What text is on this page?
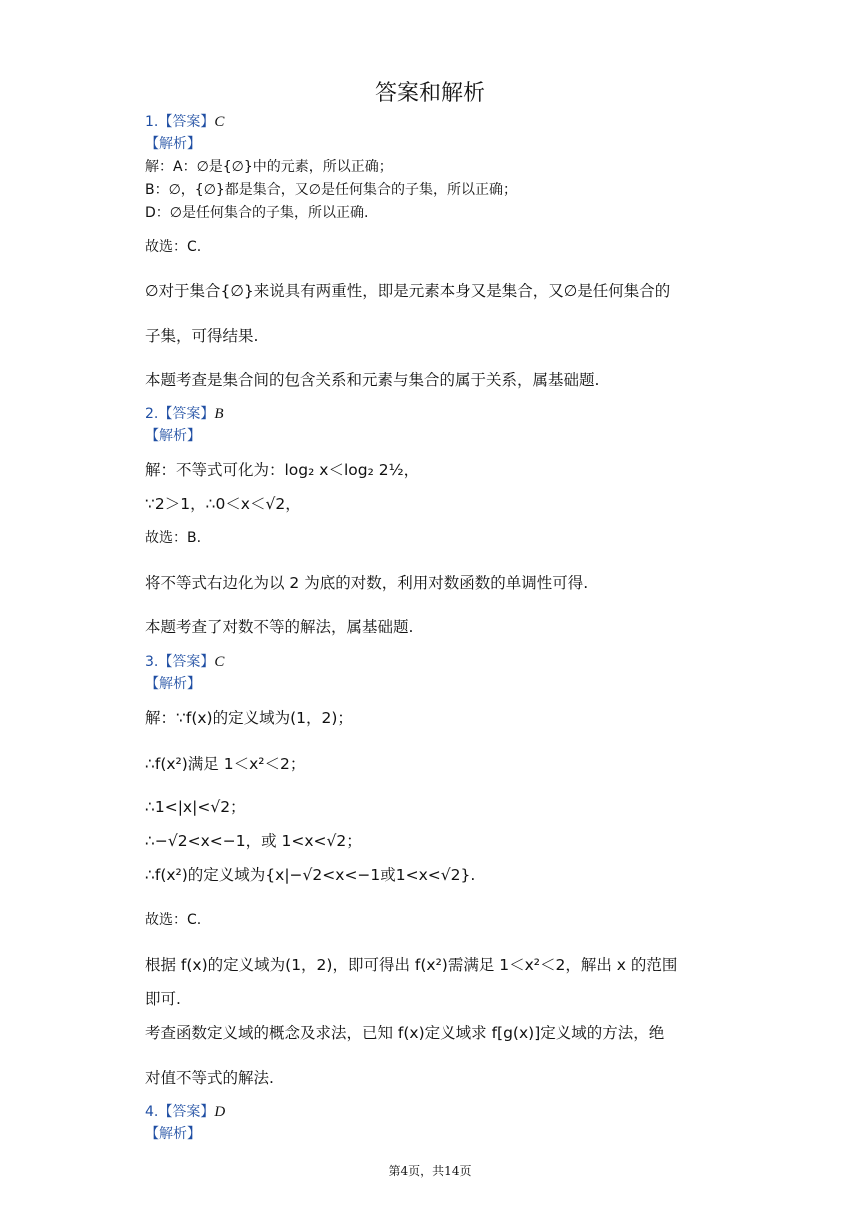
答案和解析
1.【答案】C
【解析】
解：A：∅是{∅}中的元素，所以正确；
B：∅，{∅}都是集合，又∅是任何集合的子集，所以正确；
D：∅是任何集合的子集，所以正确.
故选：C.
∅对于集合{∅}来说具有两重性，即是元素本身又是集合，又∅是任何集合的
子集，可得结果.
本题考查是集合间的包含关系和元素与集合的属于关系，属基础题.
2.【答案】B
【解析】
解：不等式可化为：log₂ x＜log₂ 2½，
∵2＞1，∴0＜x＜√2，
故选：B.
将不等式右边化为以 2 为底的对数，利用对数函数的单调性可得.
本题考查了对数不等的解法，属基础题.
3.【答案】C
【解析】
解：∵f(x)的定义域为(1，2)；
∴f(x²)满足 1＜x²＜2；
∴1<|x|<√2；
∴−√2<x<−1，或 1<x<√2；
∴f(x²)的定义域为{x|−√2<x<−1或1<x<√2}.
故选：C.
根据 f(x)的定义域为(1，2)，即可得出 f(x²)需满足 1＜x²＜2，解出 x 的范围
即可.
考查函数定义域的概念及求法，已知 f(x)定义域求 f[g(x)]定义域的方法，绝
对值不等式的解法.
4.【答案】D
【解析】
第4页，共14页
